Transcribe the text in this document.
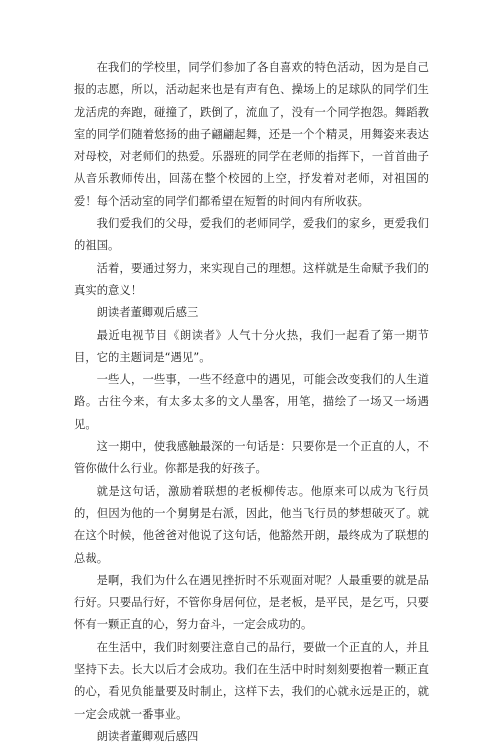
在我们的学校里，同学们参加了各自喜欢的特色活动，因为是自己报的志愿，所以，活动起来也是有声有色、操场上的足球队的同学们生龙活虎的奔跑，碰撞了，跌倒了，流血了，没有一个同学抱怨。舞蹈教室的同学们随着悠扬的曲子翩翩起舞，还是一个个精灵，用舞姿来表达对母校，对老师们的热爱。乐器班的同学在老师的指挥下，一首首曲子从音乐教师传出，回荡在整个校园的上空，抒发着对老师，对祖国的爱！每个活动室的同学们都希望在短暂的时间内有所收获。

我们爱我们的父母，爱我们的老师同学，爱我们的家乡，更爱我们的祖国。

活着，要通过努力，来实现自己的理想。这样就是生命赋予我们的真实的意义！

朗读者董卿观后感三

最近电视节目《朗读者》人气十分火热，我们一起看了第一期节目，它的主题词是“遇见”。

一些人，一些事，一些不经意中的遇见，可能会改变我们的人生道路。古往今来，有太多太多的文人墨客，用笔，描绘了一场又一场遇见。

这一期中，使我感触最深的一句话是：只要你是一个正直的人，不管你做什么行业。你都是我的好孩子。

就是这句话，激励着联想的老板柳传志。他原来可以成为飞行员的，但因为他的一个舅舅是右派，因此，他当飞行员的梦想破灭了。就在这个时候，他爸爸对他说了这句话，他豁然开朗，最终成为了联想的总裁。

是啊，我们为什么在遇见挫折时不乐观面对呢？人最重要的就是品行好。只要品行好，不管你身居何位，是老板，是平民，是乞丐，只要怀有一颗正直的心，努力奋斗，一定会成功的。

在生活中，我们时刻要注意自己的品行，要做一个正直的人，并且坚持下去。长大以后才会成功。我们在生活中时时刻刻要抱着一颗正直的心，看见负能量要及时制止，这样下去，我们的心就永远是正的，就一定会成就一番事业。

朗读者董卿观后感四
